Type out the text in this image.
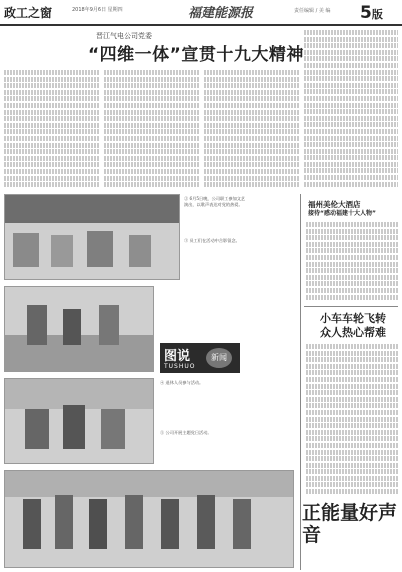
政工之窗	2018年9月6日 星期四	福建能源报	责任编辑 / 美 编 5版
晋江气电公司党委
“四维一体”宣贯十九大精神
② 6月5日晚，公司职工参加文艺演出，以歌声表达对党的热爱。
③ 员工们在活动中合影留念。
图说	新闻
TUSHUO
④ 退休人员参与活动。
⑤ 公司开展主题党日活动。
福州美伦大酒店
接待“感动福建十大人物”
小车车轮飞转
众人热心帮难
正能量好声音
